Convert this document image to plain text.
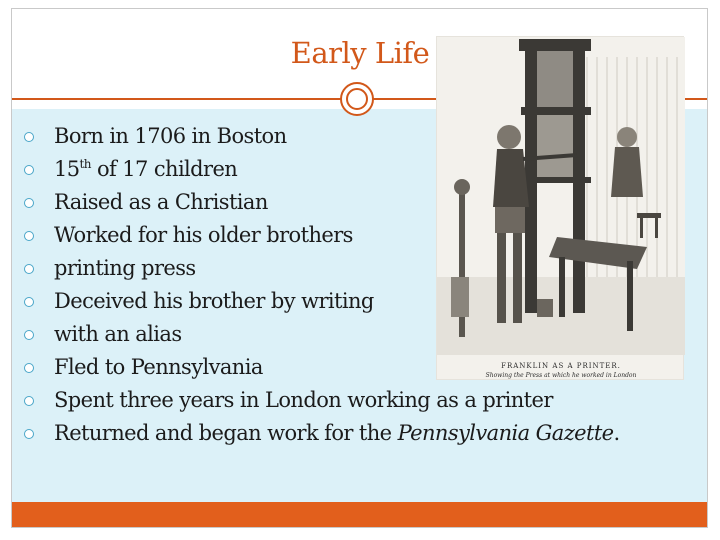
Early Life
FRANKLIN AS A PRINTER.
Showing the Press at which he worked in London
Born in 1706 in Boston
15th of 17 children
Raised as a Christian
Worked for his older brothers
printing press
Deceived his brother by writing
with an alias
Fled to Pennsylvania
Spent three years in London working as a printer
Returned and began work for the Pennsylvania Gazette.
